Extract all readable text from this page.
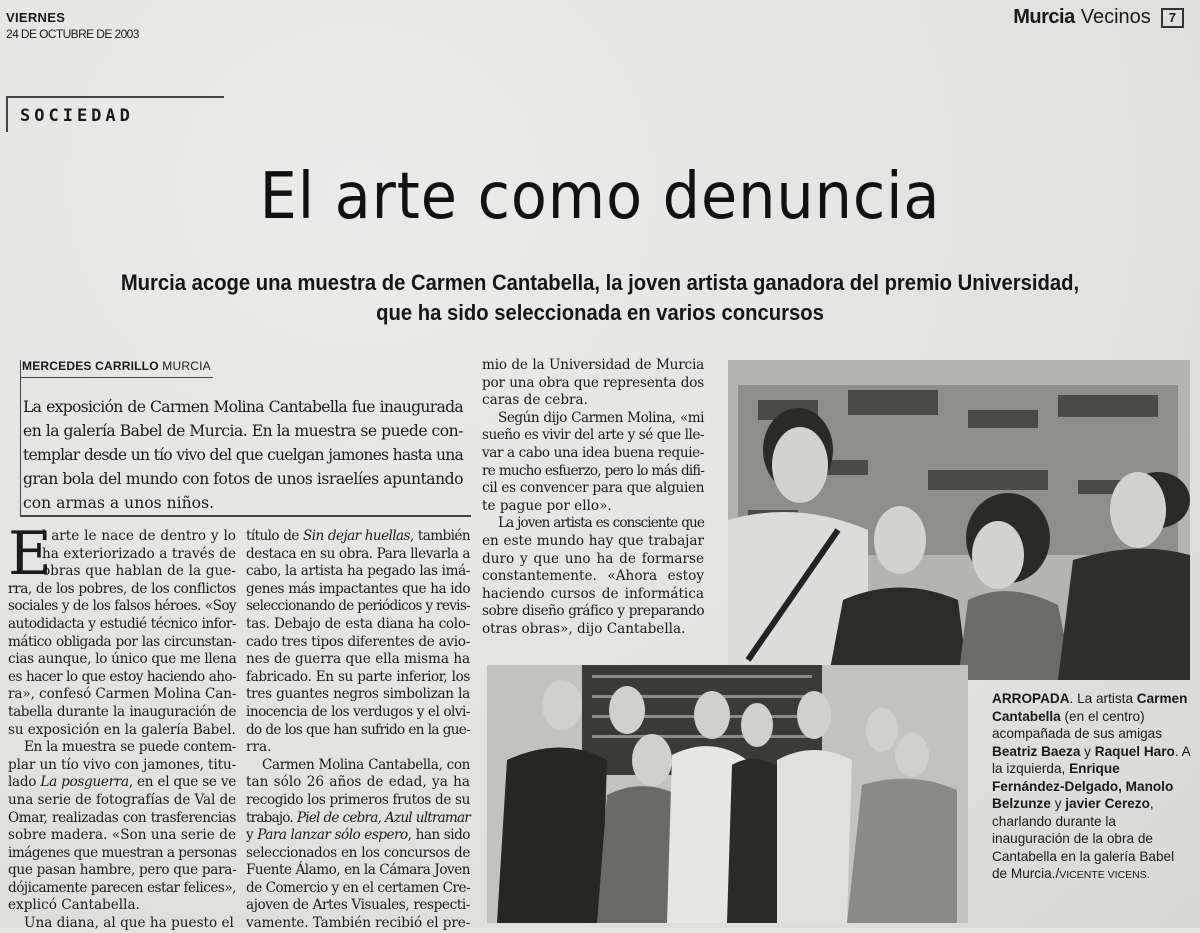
VIERNES
24 DE OCTUBRE DE 2003
Murcia Vecinos	7
SOCIEDAD
El arte como denuncia
Murcia acoge una muestra de Carmen Cantabella, la joven artista ganadora del premio Universidad,
que ha sido seleccionada en varios concursos
MERCEDES CARRILLO MURCIA
La exposición de Carmen Molina Cantabella fue inaugurada
en la galería Babel de Murcia. En la muestra se puede con-
templar desde un tío vivo del que cuelgan jamones hasta una
gran bola del mundo con fotos de unos israelíes apuntando
con armas a unos niños.
E
l arte le nace de dentro y lo
ha exteriorizado a través de
obras que hablan de la gue-
rra, de los pobres, de los conflictos
sociales y de los falsos héroes. «Soy
autodidacta y estudié técnico infor-
mático obligada por las circunstan-
cias aunque, lo único que me llena
es hacer lo que estoy haciendo aho-
ra», confesó Carmen Molina Can-
tabella durante la inauguración de
su exposición en la galería Babel.
En la muestra se puede contem-
plar un tío vivo con jamones, titu-
lado La posguerra, en el que se ve
una serie de fotografías de Val de
Omar, realizadas con trasferencias
sobre madera. «Son una serie de
imágenes que muestran a personas
que pasan hambre, pero que para-
dójicamente parecen estar felices»,
explicó Cantabella.
Una diana, al que ha puesto el
título de Sin dejar huellas, también
destaca en su obra. Para llevarla a
cabo, la artista ha pegado las imá-
genes más impactantes que ha ido
seleccionando de periódicos y revis-
tas. Debajo de esta diana ha colo-
cado tres tipos diferentes de avio-
nes de guerra que ella misma ha
fabricado. En su parte inferior, los
tres guantes negros simbolizan la
inocencia de los verdugos y el olvi-
do de los que han sufrido en la gue-
rra.
Carmen Molina Cantabella, con
tan sólo 26 años de edad, ya ha
recogido los primeros frutos de su
trabajo. Piel de cebra, Azul ultramar
y Para lanzar sólo espero, han sido
seleccionados en los concursos de
Fuente Álamo, en la Cámara Joven
de Comercio y en el certamen Cre-
ajoven de Artes Visuales, respecti-
vamente. También recibió el pre-
mio de la Universidad de Murcia
por una obra que representa dos
caras de cebra.
Según dijo Carmen Molina, «mi
sueño es vivir del arte y sé que lle-
var a cabo una idea buena requie-
re mucho esfuerzo, pero lo más difi-
cil es convencer para que alguien
te pague por ello».
La joven artista es consciente que
en este mundo hay que trabajar
duro y que uno ha de formarse
constantemente. «Ahora estoy
haciendo cursos de informática
sobre diseño gráfico y preparando
otras obras», dijo Cantabella.
ARROPADA. La artista Carmen Cantabella (en el centro) acompañada de sus amigas Beatriz Baeza y Raquel Haro. A la izquierda, Enrique Fernández-Delgado, Manolo Belzunze y javier Cerezo, charlando durante la inauguración de la obra de Cantabella en la galería Babel de Murcia./VICENTE VICENS.
